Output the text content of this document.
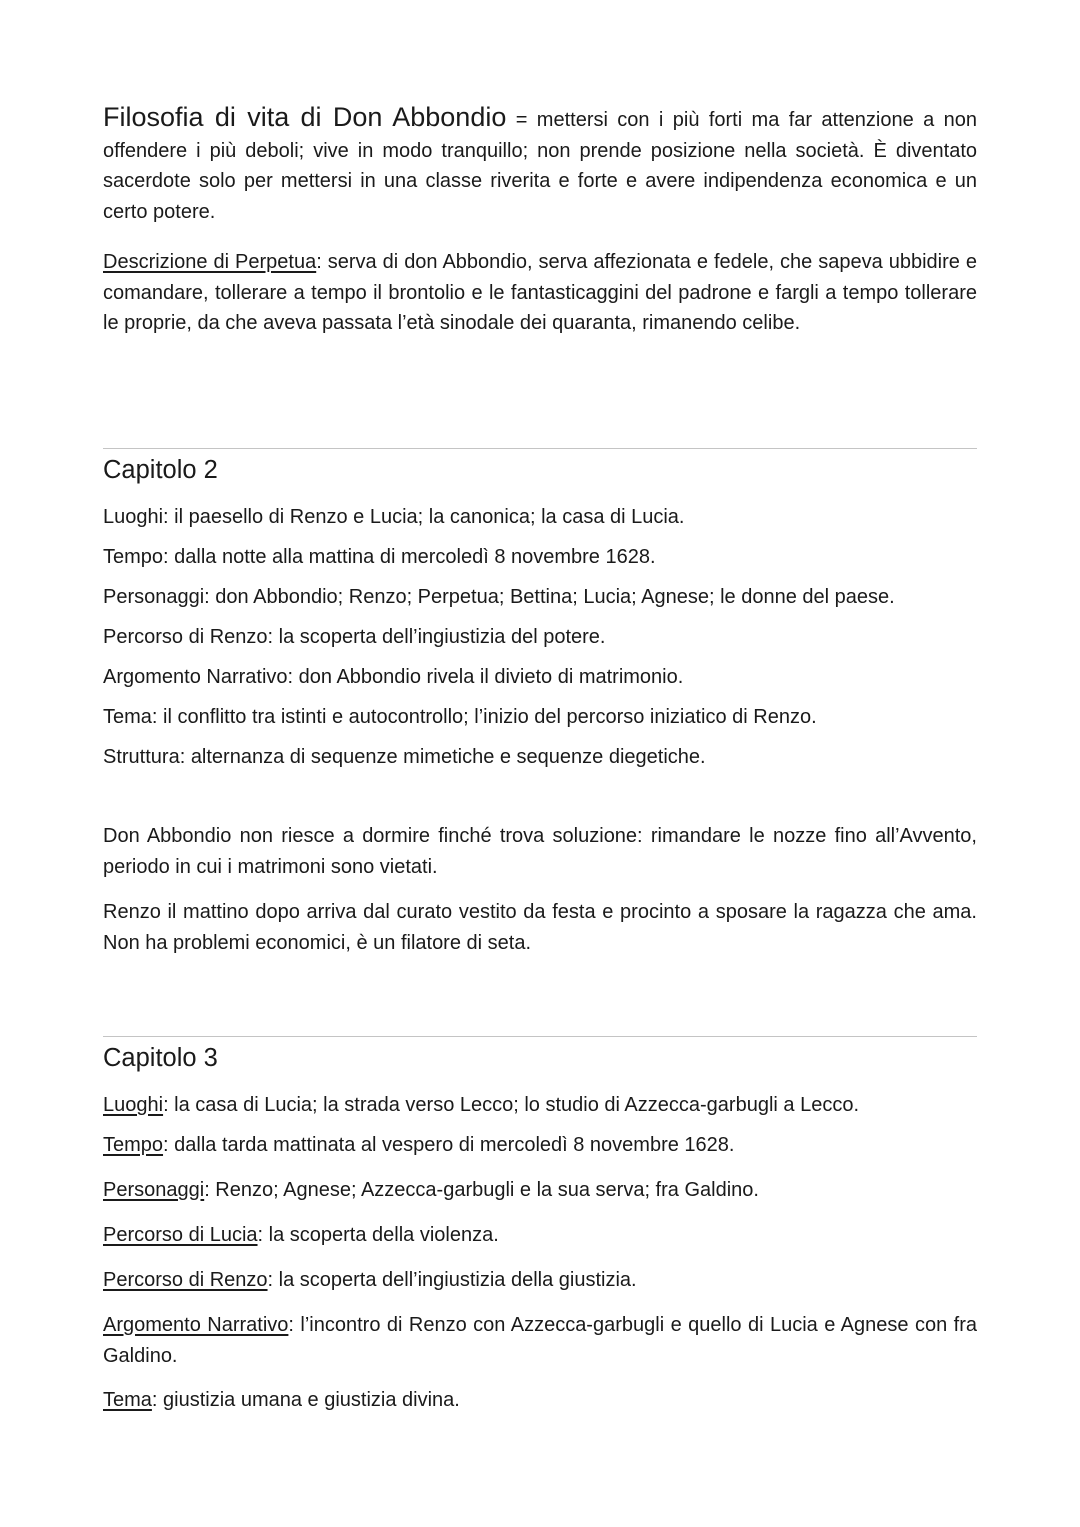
Filosofia di vita di Don Abbondio = mettersi con i più forti ma far attenzione a non offendere i più deboli; vive in modo tranquillo; non prende posizione nella società. È diventato sacerdote solo per mettersi in una classe riverita e forte e avere indipendenza economica e un certo potere.

Descrizione di Perpetua: serva di don Abbondio, serva affezionata e fedele, che sapeva ubbidire e comandare, tollerare a tempo il brontolio e le fantasticaggini del padrone e fargli a tempo tollerare le proprie, da che aveva passata l’età sinodale dei quaranta, rimanendo celibe.

Capitolo 2

Luoghi: il paesello di Renzo e Lucia; la canonica; la casa di Lucia.

Tempo: dalla notte alla mattina di mercoledì 8 novembre 1628.

Personaggi: don Abbondio; Renzo; Perpetua; Bettina; Lucia; Agnese; le donne del paese.

Percorso di Renzo: la scoperta dell’ingiustizia del potere.

Argomento Narrativo: don Abbondio rivela il divieto di matrimonio.

Tema: il conflitto tra istinti e autocontrollo; l’inizio del percorso iniziatico di Renzo.

Struttura: alternanza di sequenze mimetiche e sequenze diegetiche.

Don Abbondio non riesce a dormire finché trova soluzione: rimandare le nozze fino all’Avvento, periodo in cui i matrimoni sono vietati.

Renzo il mattino dopo arriva dal curato vestito da festa e procinto a sposare la ragazza che ama. Non ha problemi economici, è un filatore di seta.

Capitolo 3

Luoghi: la casa di Lucia; la strada verso Lecco; lo studio di Azzecca-garbugli a Lecco.

Tempo: dalla tarda mattinata al vespero di mercoledì 8 novembre 1628.

Personaggi: Renzo; Agnese; Azzecca-garbugli e la sua serva; fra Galdino.

Percorso di Lucia: la scoperta della violenza.

Percorso di Renzo: la scoperta dell’ingiustizia della giustizia.

Argomento Narrativo: l’incontro di Renzo con Azzecca-garbugli e quello di Lucia e Agnese con fra Galdino.

Tema: giustizia umana e giustizia divina.
